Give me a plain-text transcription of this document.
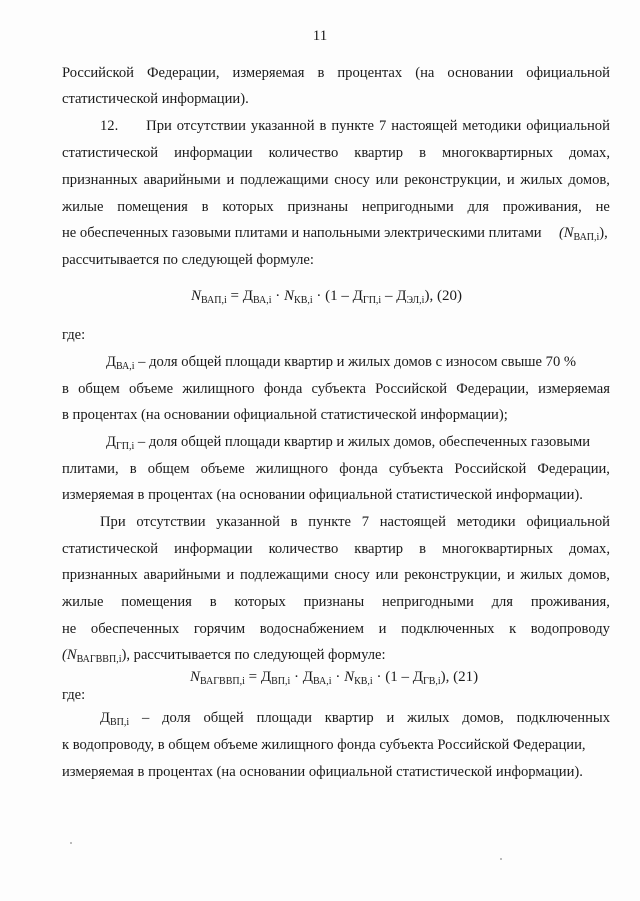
11
Российской Федерации, измеряемая в процентах (на основании официальной
статистической информации).
12. При отсутствии указанной в пункте 7 настоящей методики официальной
статистической информации количество квартир в многоквартирных домах,
признанных аварийными и подлежащими сносу или реконструкции, и жилых домов,
жилые помещения в которых признаны непригодными для проживания, не
не обеспеченных газовыми плитами и напольными электрическими плитами $(N_{ВАП,i})$,
рассчитывается по следующей формуле:
$N_{ВАП,i} = Д_{ВА,i} \cdot N_{КВ,i} \cdot (1 - Д_{ГП,i} - Д_{ЭЛ,i})$, (20)
где:
$Д_{ВА,i}$ – доля общей площади квартир и жилых домов с износом свыше 70 %
в общем объеме жилищного фонда субъекта Российской Федерации, измеряемая
в процентах (на основании официальной статистической информации);
$Д_{ГП,i}$ – доля общей площади квартир и жилых домов, обеспеченных газовыми
плитами, в общем объеме жилищного фонда субъекта Российской Федерации,
измеряемая в процентах (на основании официальной статистической информации).
При отсутствии указанной в пункте 7 настоящей методики официальной
статистической информации количество квартир в многоквартирных домах,
признанных аварийными и подлежащими сносу или реконструкции, и жилых домов,
жилые помещения в которых признаны непригодными для проживания,
не обеспеченных горячим водоснабжением и подключенных к водопроводу
$(N_{ВАГВВП,i})$, рассчитывается по следующей формуле:
$N_{ВАГВВП,i} = Д_{ВП,i} \cdot Д_{ВА,i} \cdot N_{КВ,i} \cdot (1 - Д_{ГВ,i})$, (21)
где:
$Д_{ВП,i}$ – доля общей площади квартир и жилых домов, подключенных
к водопроводу, в общем объеме жилищного фонда субъекта Российской Федерации,
измеряемая в процентах (на основании официальной статистической информации).
